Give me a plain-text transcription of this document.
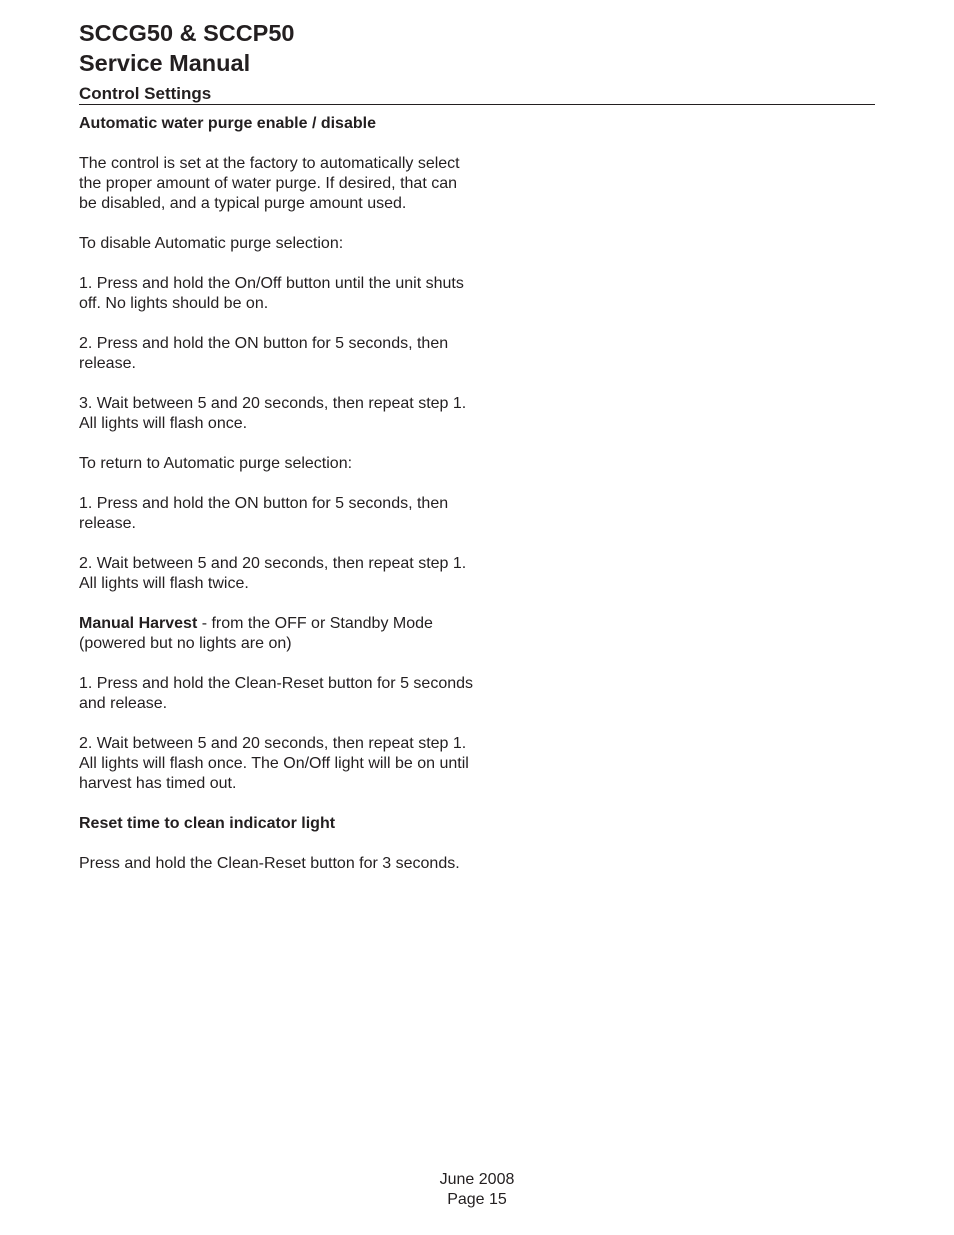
SCCG50 & SCCP50
Service Manual
Control Settings

Automatic water purge enable / disable

The control is set at the factory to automatically select the proper amount of water purge. If desired, that can be disabled, and a typical purge amount used.

To disable Automatic purge selection:

1. Press and hold the On/Off button until the unit shuts off. No lights should be on.

2. Press and hold the ON button for 5 seconds, then release.

3. Wait between 5 and 20 seconds, then repeat step 1. All lights will flash once.

To return to Automatic purge selection:

1. Press and hold the ON button for 5 seconds, then release.

2. Wait between 5 and 20 seconds, then repeat step 1. All lights will flash twice.

Manual Harvest - from the OFF or Standby Mode (powered but no lights are on)

1. Press and hold the Clean-Reset button for 5 seconds and release.

2. Wait between 5 and 20 seconds, then repeat step 1. All lights will flash once. The On/Off light will be on until harvest has timed out.

Reset time to clean indicator light

Press and hold the Clean-Reset button for 3 seconds.

June 2008
Page 15
